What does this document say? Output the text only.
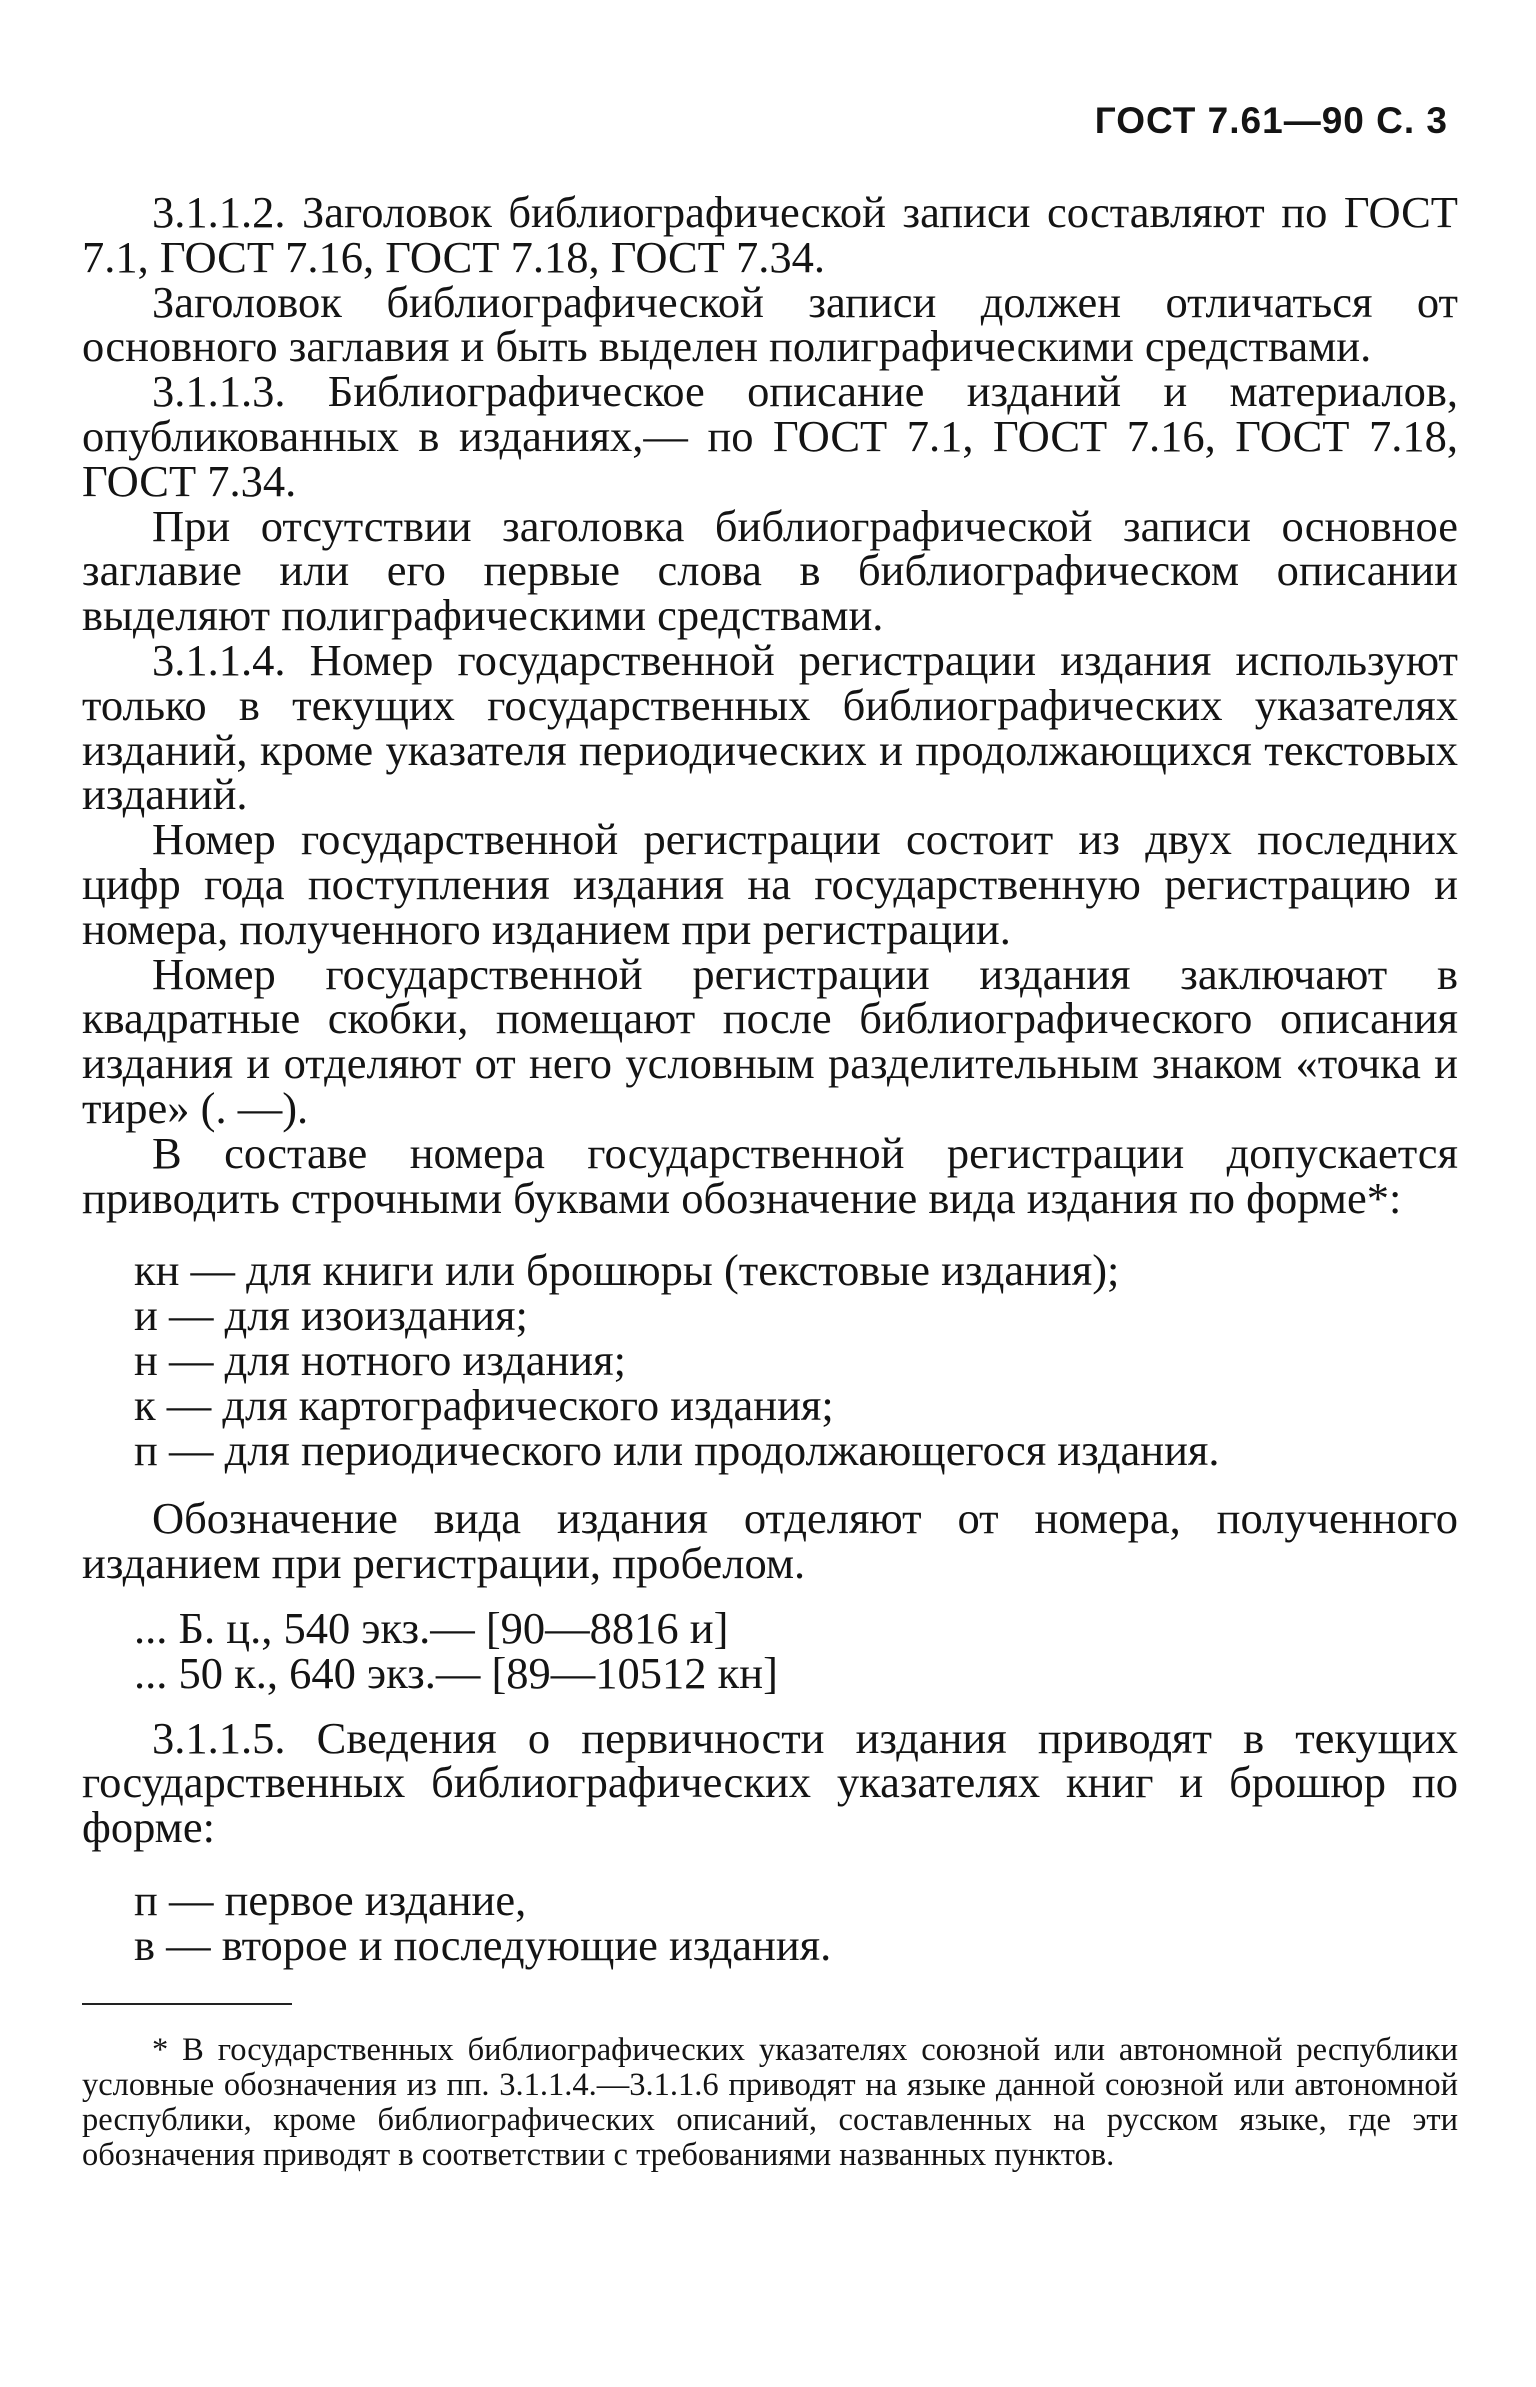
ГОСТ 7.61—90 С. 3

3.1.1.2. Заголовок библиографической записи составляют по ГОСТ 7.1, ГОСТ 7.16, ГОСТ 7.18, ГОСТ 7.34.

Заголовок библиографической записи должен отличаться от основного заглавия и быть выделен полиграфическими средствами.

3.1.1.3. Библиографическое описание изданий и материалов, опубликованных в изданиях,— по ГОСТ 7.1, ГОСТ 7.16, ГОСТ 7.18, ГОСТ 7.34.

При отсутствии заголовка библиографической записи основное заглавие или его первые слова в библиографическом описании выделяют полиграфическими средствами.

3.1.1.4. Номер государственной регистрации издания используют только в текущих государственных библиографических указателях изданий, кроме указателя периодических и продолжающихся текстовых изданий.

Номер государственной регистрации состоит из двух последних цифр года поступления издания на государственную регистрацию и номера, полученного изданием при регистрации.

Номер государственной регистрации издания заключают в квадратные скобки, помещают после библиографического описания издания и отделяют от него условным разделительным знаком «точка и тире» (. —).

В составе номера государственной регистрации допускается приводить строчными буквами обозначение вида издания по форме*:

кн — для книги или брошюры (текстовые издания);
и — для изоиздания;
н — для нотного издания;
к — для картографического издания;
п — для периодического или продолжающегося издания.

Обозначение вида издания отделяют от номера, полученного изданием при регистрации, пробелом.

... Б. ц., 540 экз.— [90—8816 и]
... 50 к., 640 экз.— [89—10512 кн]

3.1.1.5. Сведения о первичности издания приводят в текущих государственных библиографических указателях книг и брошюр по форме:

п — первое издание,
в — второе и последующие издания.

* В государственных библиографических указателях союзной или автономной республики условные обозначения из пп. 3.1.1.4.—3.1.1.6 приводят на языке данной союзной или автономной республики, кроме библиографических описаний, составленных на русском языке, где эти обозначения приводят в соответствии с требованиями названных пунктов.
